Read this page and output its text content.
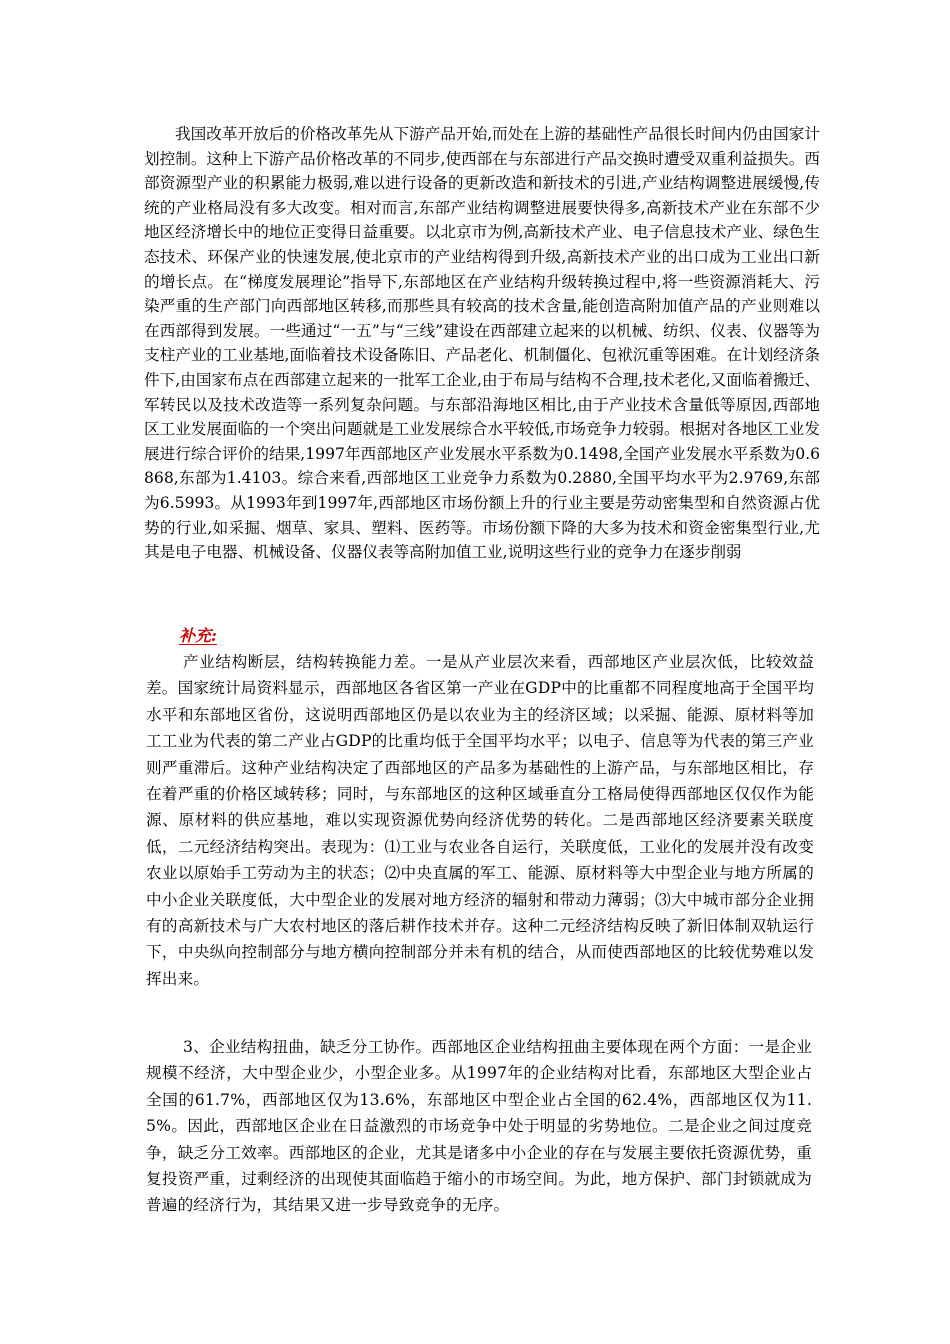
我国改革开放后的价格改革先从下游产品开始,而处在上游的基础性产品很长时间内仍由国家计划控制。这种上下游产品价格改革的不同步,使西部在与东部进行产品交换时遭受双重利益损失。西部资源型产业的积累能力极弱,难以进行设备的更新改造和新技术的引进,产业结构调整进展缓慢,传统的产业格局没有多大改变。相对而言,东部产业结构调整进展要快得多,高新技术产业在东部不少地区经济增长中的地位正变得日益重要。以北京市为例,高新技术产业、电子信息技术产业、绿色生态技术、环保产业的快速发展,使北京市的产业结构得到升级,高新技术产业的出口成为工业出口新的增长点。在“梯度发展理论”指导下,东部地区在产业结构升级转换过程中,将一些资源消耗大、污染严重的生产部门向西部地区转移,而那些具有较高的技术含量,能创造高附加值产品的产业则难以在西部得到发展。一些通过“一五”与“三线”建设在西部建立起来的以机械、纺织、仪表、仪器等为支柱产业的工业基地,面临着技术设备陈旧、产品老化、机制僵化、包袱沉重等困难。在计划经济条件下,由国家布点在西部建立起来的一批军工企业,由于布局与结构不合理,技术老化,又面临着搬迁、军转民以及技术改造等一系列复杂问题。与东部沿海地区相比,由于产业技术含量低等原因,西部地区工业发展面临的一个突出问题就是工业发展综合水平较低,市场竞争力较弱。根据对各地区工业发展进行综合评价的结果,1997年西部地区产业发展水平系数为0.1498,全国产业发展水平系数为0.6868,东部为1.4103。综合来看,西部地区工业竞争力系数为0.2880,全国平均水平为2.9769,东部为6.5993。从1993年到1997年,西部地区市场份额上升的行业主要是劳动密集型和自然资源占优势的行业,如采掘、烟草、家具、塑料、医药等。市场份额下降的大多为技术和资金密集型行业,尤其是电子电器、机械设备、仪器仪表等高附加值工业,说明这些行业的竞争力在逐步削弱

补充:

产业结构断层，结构转换能力差。一是从产业层次来看，西部地区产业层次低，比较效益差。国家统计局资料显示，西部地区各省区第一产业在GDP中的比重都不同程度地高于全国平均水平和东部地区省份，这说明西部地区仍是以农业为主的经济区域；以采掘、能源、原材料等加工工业为代表的第二产业占GDP的比重均低于全国平均水平；以电子、信息等为代表的第三产业则严重滞后。这种产业结构决定了西部地区的产品多为基础性的上游产品，与东部地区相比，存在着严重的价格区域转移；同时，与东部地区的这种区域垂直分工格局使得西部地区仅仅作为能源、原材料的供应基地，难以实现资源优势向经济优势的转化。二是西部地区经济要素关联度低，二元经济结构突出。表现为：⑴工业与农业各自运行，关联度低，工业化的发展并没有改变农业以原始手工劳动为主的状态；⑵中央直属的军工、能源、原材料等大中型企业与地方所属的中小企业关联度低，大中型企业的发展对地方经济的辐射和带动力薄弱；⑶大中城市部分企业拥有的高新技术与广大农村地区的落后耕作技术并存。这种二元经济结构反映了新旧体制双轨运行下，中央纵向控制部分与地方横向控制部分并未有机的结合，从而使西部地区的比较优势难以发挥出来。

3、企业结构扭曲，缺乏分工协作。西部地区企业结构扭曲主要体现在两个方面：一是企业规模不经济，大中型企业少，小型企业多。从1997年的企业结构对比看，东部地区大型企业占全国的61.7%，西部地区仅为13.6%，东部地区中型企业占全国的62.4%，西部地区仅为11.5%。因此，西部地区企业在日益激烈的市场竞争中处于明显的劣势地位。二是企业之间过度竞争，缺乏分工效率。西部地区的企业，尤其是诸多中小企业的存在与发展主要依托资源优势，重复投资严重，过剩经济的出现使其面临趋于缩小的市场空间。为此，地方保护、部门封锁就成为普遍的经济行为，其结果又进一步导致竞争的无序。
